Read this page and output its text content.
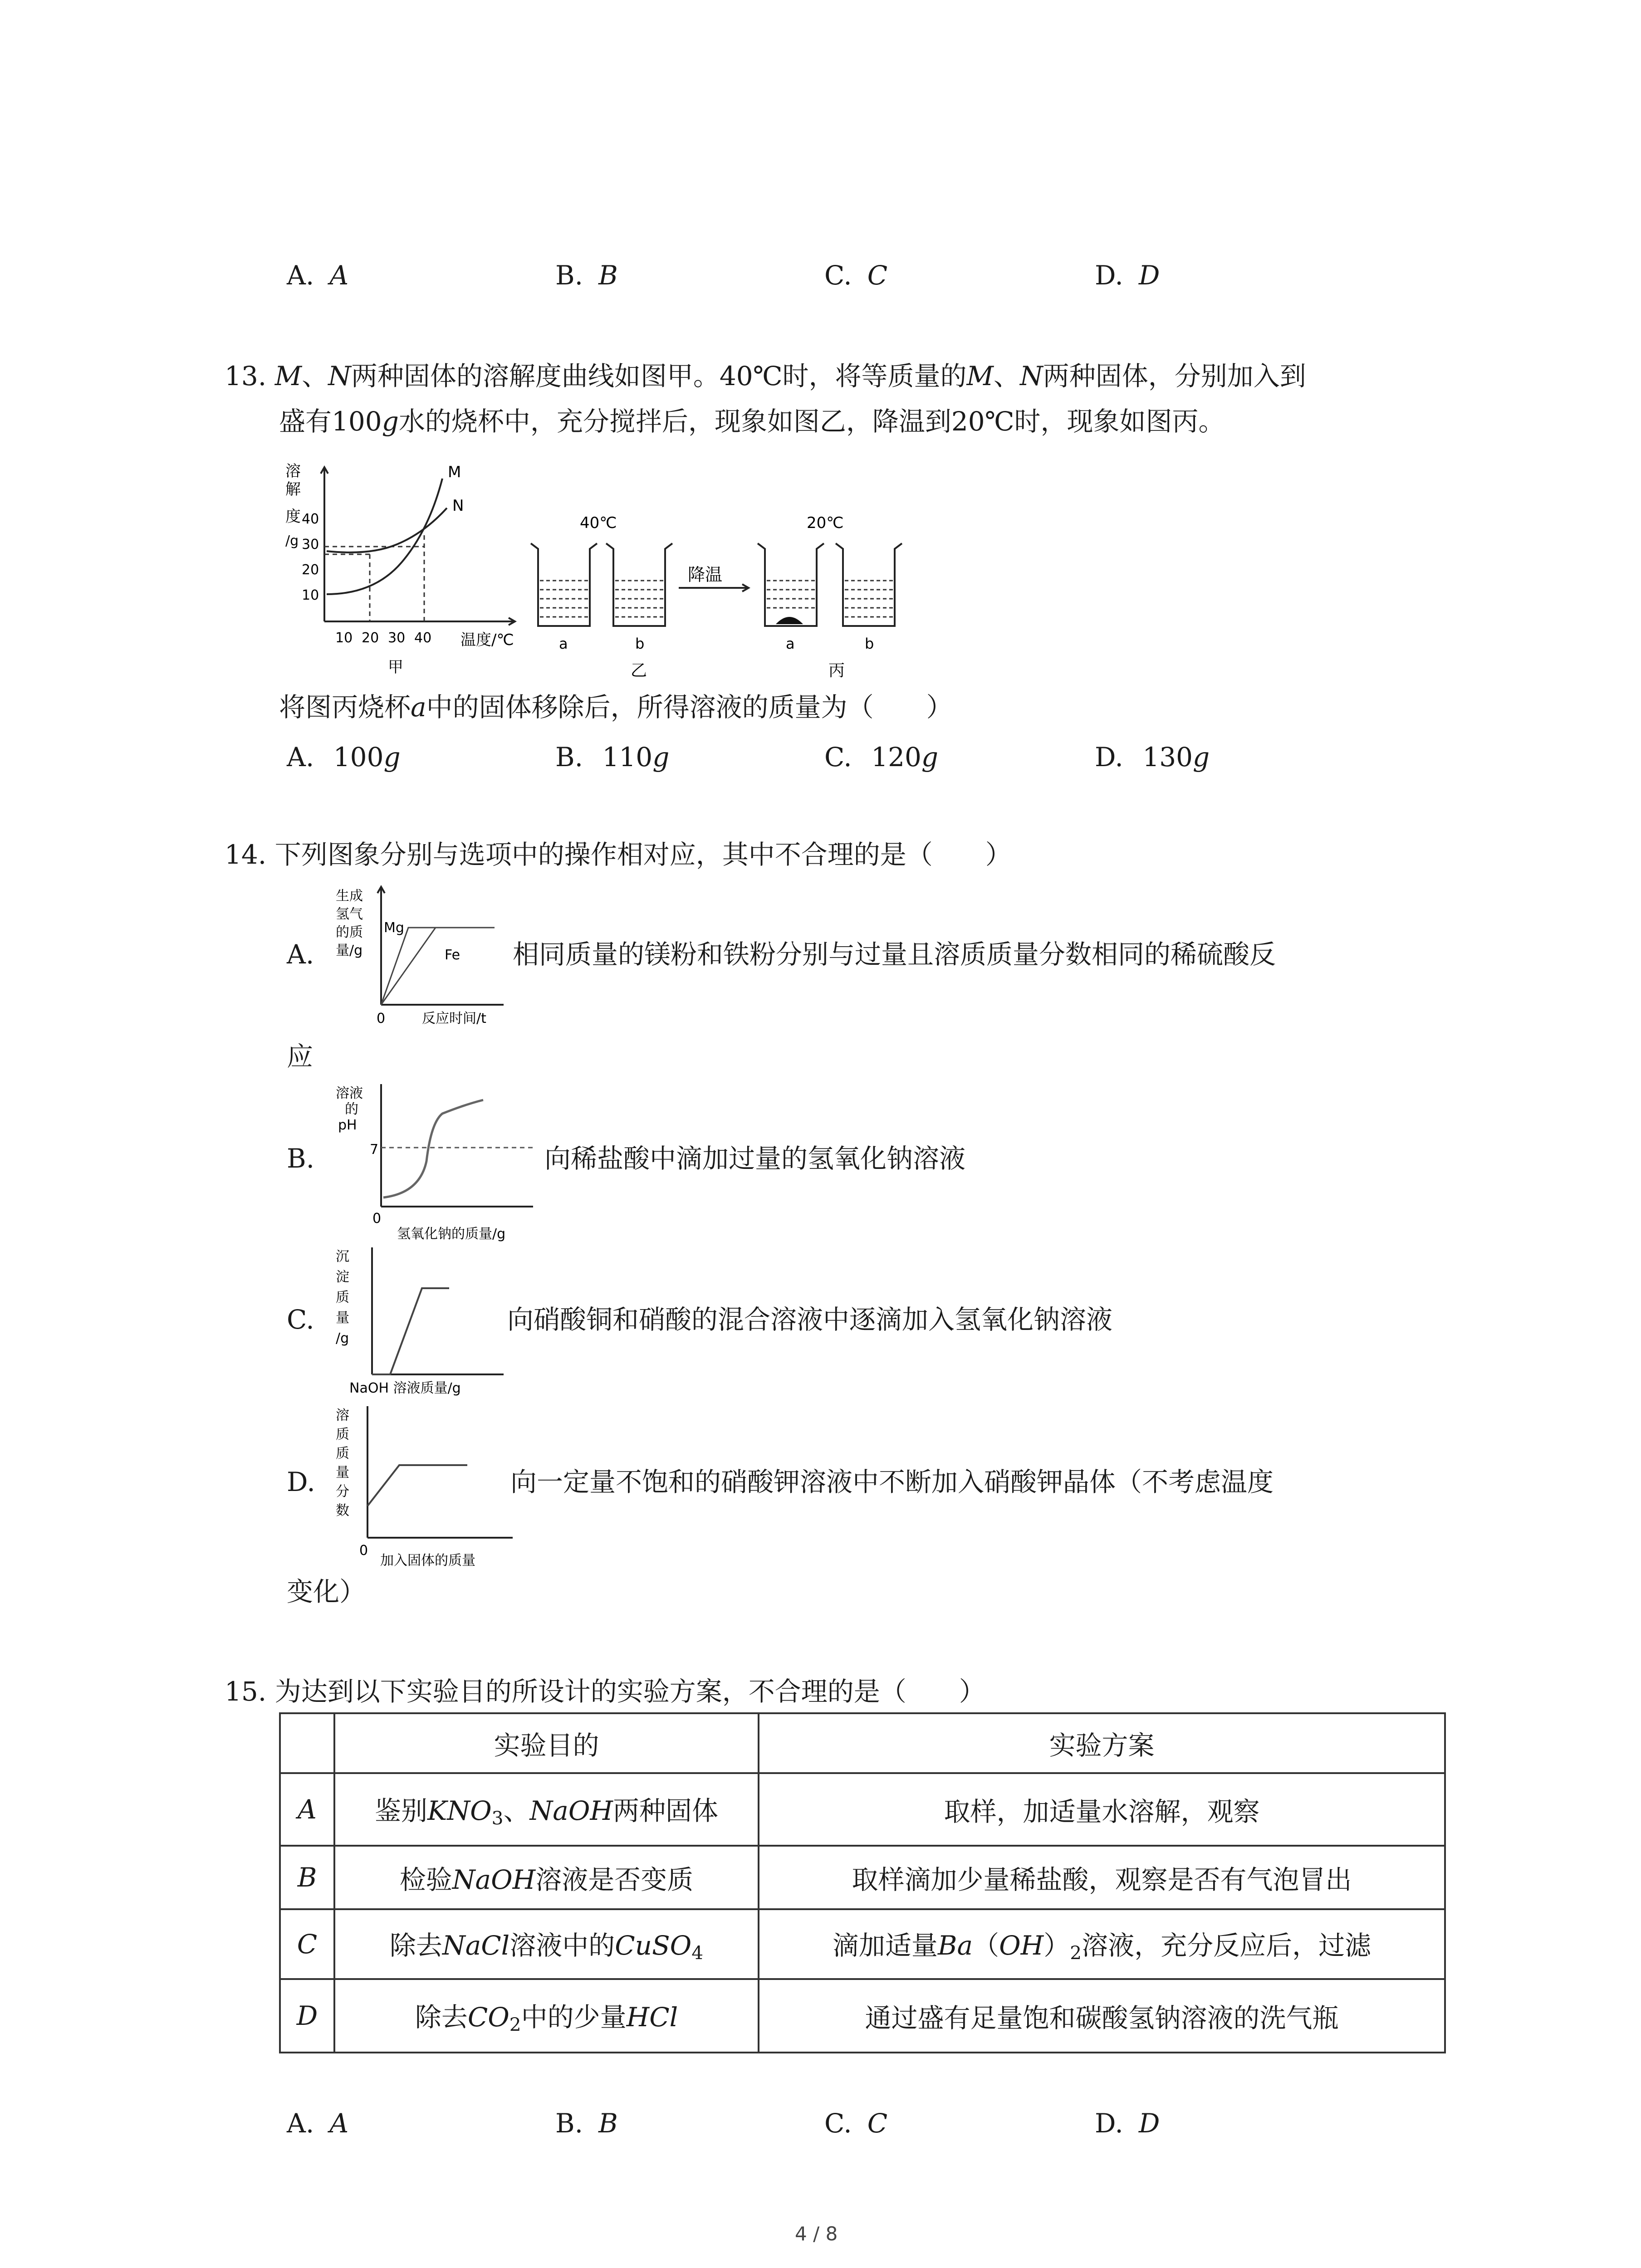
A. A	B. B	C. C	D. D
13. M、N两种固体的溶解度曲线如图甲。40℃时，将等质量的M、N两种固体，分别加入到
盛有100g水的烧杯中，充分搅拌后，现象如图乙，降温到20℃时，现象如图丙。
溶
解
度
/g
40
30
20
10
10 20 30 40 温度/℃
M
N
甲
40℃	20℃
降温
a	b	a	b
乙	丙
将图丙烧杯a中的固体移除后，所得溶液的质量为（　　）
A. 100g	B. 110g	C. 120g	D. 130g
14. 下列图象分别与选项中的操作相对应，其中不合理的是（　　）
A.
生成
氢气
的质
量/g
0	反应时间/t
Mg
Fe 相同质量的镁粉和铁粉分别与过量且溶质质量分数相同的稀硫酸反
应
B.
溶液
的
pH
7
0
氢氧化钠的质量/g
向稀盐酸中滴加过量的氢氧化钠溶液
C.
沉
淀
质
量
/g
NaOH 溶液质量/g
向硝酸铜和硝酸的混合溶液中逐滴加入氢氧化钠溶液
D.
溶
质
质
量
分
数
0
加入固体的质量
向一定量不饱和的硝酸钾溶液中不断加入硝酸钾晶体（不考虑温度
变化）
15. 为达到以下实验目的所设计的实验方案，不合理的是（　　）
	实验目的	实验方案
A	鉴别$KNO_3$、NaOH两种固体	取样，加适量水溶解，观察
B	检验NaOH溶液是否变质	取样滴加少量稀盐酸，观察是否有气泡冒出
C	除去NaCl溶液中的CuSO$_4$	滴加适量$Ba(OH)_2$溶液，充分反应后，过滤
D	除去$CO_2$中的少量HCl	通过盛有足量饱和碳酸氢钠溶液的洗气瓶
A. A	B. B	C. C	D. D
4 / 8
